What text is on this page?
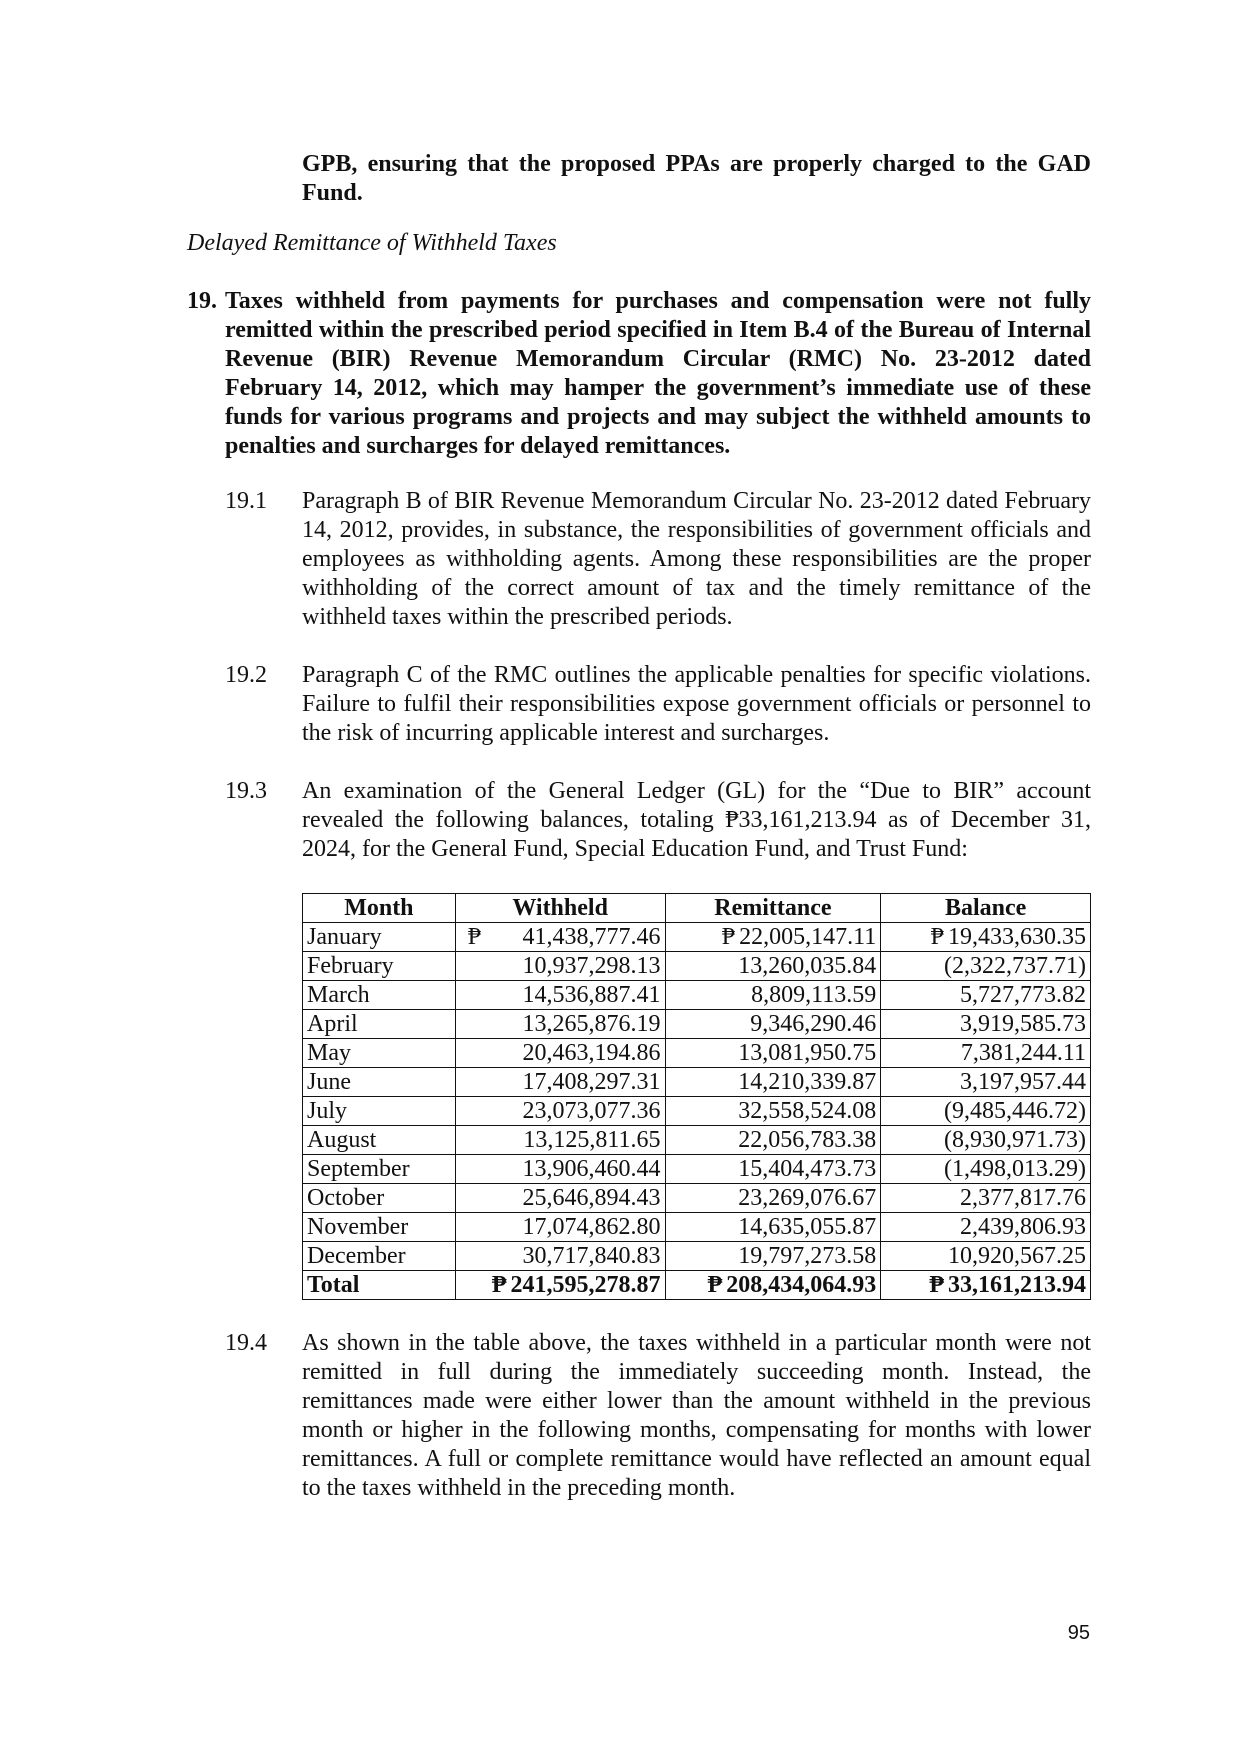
GPB, ensuring that the proposed PPAs are properly charged to the GAD Fund.

Delayed Remittance of Withheld Taxes

19. Taxes withheld from payments for purchases and compensation were not fully remitted within the prescribed period specified in Item B.4 of the Bureau of Internal Revenue (BIR) Revenue Memorandum Circular (RMC) No. 23-2012 dated February 14, 2012, which may hamper the government’s immediate use of these funds for various programs and projects and may subject the withheld amounts to penalties and surcharges for delayed remittances.

19.1 Paragraph B of BIR Revenue Memorandum Circular No. 23-2012 dated February 14, 2012, provides, in substance, the responsibilities of government officials and employees as withholding agents. Among these responsibilities are the proper withholding of the correct amount of tax and the timely remittance of the withheld taxes within the prescribed periods.

19.2 Paragraph C of the RMC outlines the applicable penalties for specific violations. Failure to fulfil their responsibilities expose government officials or personnel to the risk of incurring applicable interest and surcharges.

19.3 An examination of the General Ledger (GL) for the “Due to BIR” account revealed the following balances, totaling ₱33,161,213.94 as of December 31, 2024, for the General Fund, Special Education Fund, and Trust Fund:

Month	Withheld	Remittance	Balance
January	₱ 41,438,777.46	₱ 22,005,147.11	₱ 19,433,630.35
February	10,937,298.13	13,260,035.84	(2,322,737.71)
March	14,536,887.41	8,809,113.59	5,727,773.82
April	13,265,876.19	9,346,290.46	3,919,585.73
May	20,463,194.86	13,081,950.75	7,381,244.11
June	17,408,297.31	14,210,339.87	3,197,957.44
July	23,073,077.36	32,558,524.08	(9,485,446.72)
August	13,125,811.65	22,056,783.38	(8,930,971.73)
September	13,906,460.44	15,404,473.73	(1,498,013.29)
October	25,646,894.43	23,269,076.67	2,377,817.76
November	17,074,862.80	14,635,055.87	2,439,806.93
December	30,717,840.83	19,797,273.58	10,920,567.25
Total	₱ 241,595,278.87	₱ 208,434,064.93	₱ 33,161,213.94
19.4 As shown in the table above, the taxes withheld in a particular month were not remitted in full during the immediately succeeding month. Instead, the remittances made were either lower than the amount withheld in the previous month or higher in the following months, compensating for months with lower remittances. A full or complete remittance would have reflected an amount equal to the taxes withheld in the preceding month.

95
